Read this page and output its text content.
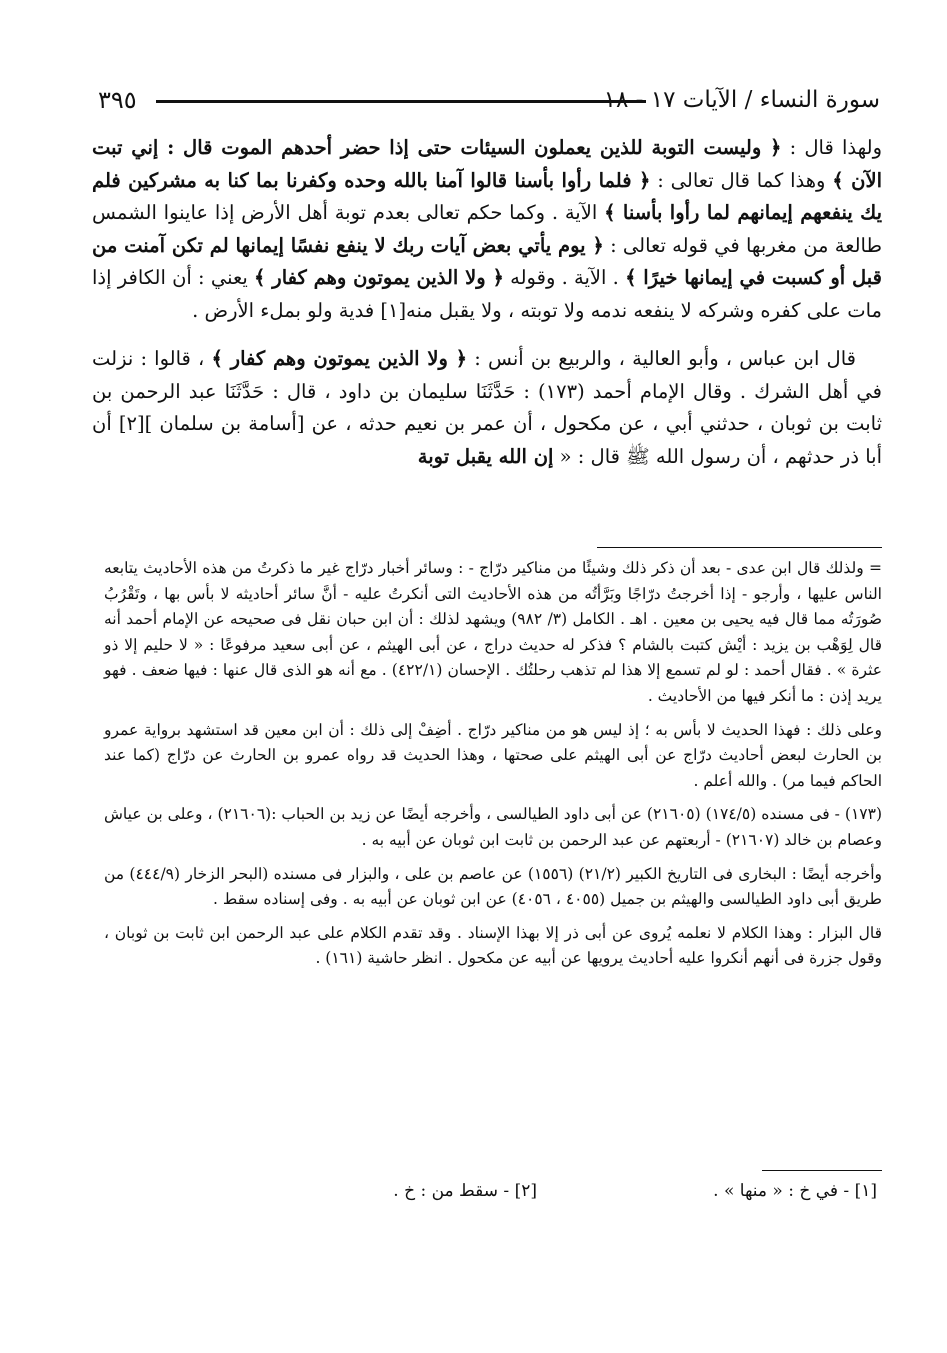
٣٩٥	سورة النساء / الآيات ١٧ - ١٨

ولهذا قال : ﴿ وليست التوبة للذين يعملون السيئات حتى إذا حضر أحدهم الموت قال : إني تبت الآن ﴾ وهذا كما قال تعالى : ﴿ فلما رأوا بأسنا قالوا آمنا بالله وحده وكفرنا بما كنا به مشركين فلم يك ينفعهم إيمانهم لما رأوا بأسنا ﴾ الآية . وكما حكم تعالى بعدم توبة أهل الأرض إذا عاينوا الشمس طالعة من مغربها في قوله تعالى : ﴿ يوم يأتي بعض آيات ربك لا ينفع نفسًا إيمانها لم تكن آمنت من قبل أو كسبت في إيمانها خيرًا ﴾ . الآية . وقوله ﴿ ولا الذين يموتون وهم كفار ﴾ يعني : أن الكافر إذا مات على كفره وشركه لا ينفعه ندمه ولا توبته ، ولا يقبل منه[١] فدية ولو بملء الأرض .

قال ابن عباس ، وأبو العالية ، والربيع بن أنس : ﴿ ولا الذين يموتون وهم كفار ﴾ ، قالوا : نزلت في أهل الشرك . وقال الإمام أحمد (١٧٣) : حَدَّثَنَا سليمان بن داود ، قال : حَدَّثَنَا عبد الرحمن بن ثابت بن ثوبان ، حدثني أبي ، عن مكحول ، أن عمر بن نعيم حدثه ، عن [أسامة بن سلمان ][٢] أن أبا ذر حدثهم ، أن رسول الله ﷺ قال : « إن الله يقبل توبة

= ولذلك قال ابن عدى - بعد أن ذكر ذلك وشيئًا من مناكير درّاج - : وسائر أخبار درّاج غير ما ذكرتُ من هذه الأحاديث يتابعه الناس عليها ، وأرجو - إذا أخرجتُ درّاجًا وبَرَّأتُه من هذه الأحاديث التى أنكرتُ عليه - أنَّ سائر أحاديثه لا بأس بها ، وتَقْرُبُ صُورَتُه مما قال فيه يحيى بن معين . اهـ . الكامل (٣/ ٩٨٢) ويشهد لذلك : أن ابن حبان نقل فى صحيحه عن الإمام أحمد أنه قال لِوَهْب بن يزيد : أيْش كتبت بالشام ؟ فذكر له حديث دراج ، عن أبى الهيثم ، عن أبى سعيد مرفوعًا : « لا حليم إلا ذو عثرة » . فقال أحمد : لو لم تسمع إلا هذا لم تذهب رحلتُك . الإحسان (٤٢٢/١) . مع أنه هو الذى قال عنها : فيها ضعف . فهو يريد إذن : ما أنكر فيها من الأحاديث .

وعلى ذلك : فهذا الحديث لا بأس به ؛ إذ ليس هو من مناكير درّاج . أضِفْ إلى ذلك : أن ابن معين قد استشهد برواية عمرو بن الحارث لبعض أحاديث درّاج عن أبى الهيثم على صحتها ، وهذا الحديث قد رواه عمرو بن الحارث عن درّاج (كما عند الحاكم فيما مر) . والله أعلم .

(١٧٣) - فى مسنده (١٧٤/٥) (٢١٦٠٥) عن أبى داود الطيالسى ، وأخرجه أيضًا عن زيد بن الحباب :(٢١٦٠٦) ، وعلى بن عياش وعصام بن خالد (٢١٦٠٧) - أربعتهم عن عبد الرحمن بن ثابت ابن ثوبان عن أبيه به .

وأخرجه أيضًا : البخارى فى التاريخ الكبير (٢١/٢) (١٥٥٦) عن عاصم بن على ، والبزار فى مسنده (البحر الزخار (٤٤٤/٩) من طريق أبى داود الطيالسى والهيثم بن جميل (٤٠٥٥ ، ٤٠٥٦) عن ابن ثوبان عن أبيه به . وفى إسناده سقط .

قال البزار : وهذا الكلام لا نعلمه يُروى عن أبى ذر إلا بهذا الإسناد . وقد تقدم الكلام على عبد الرحمن ابن ثابت بن ثوبان ، وقول جزرة فى أنهم أنكروا عليه أحاديث يرويها عن أبيه عن مكحول . انظر حاشية (١٦١) .

[١] - في خ : « منها » .
[٢] - سقط من : خ .
